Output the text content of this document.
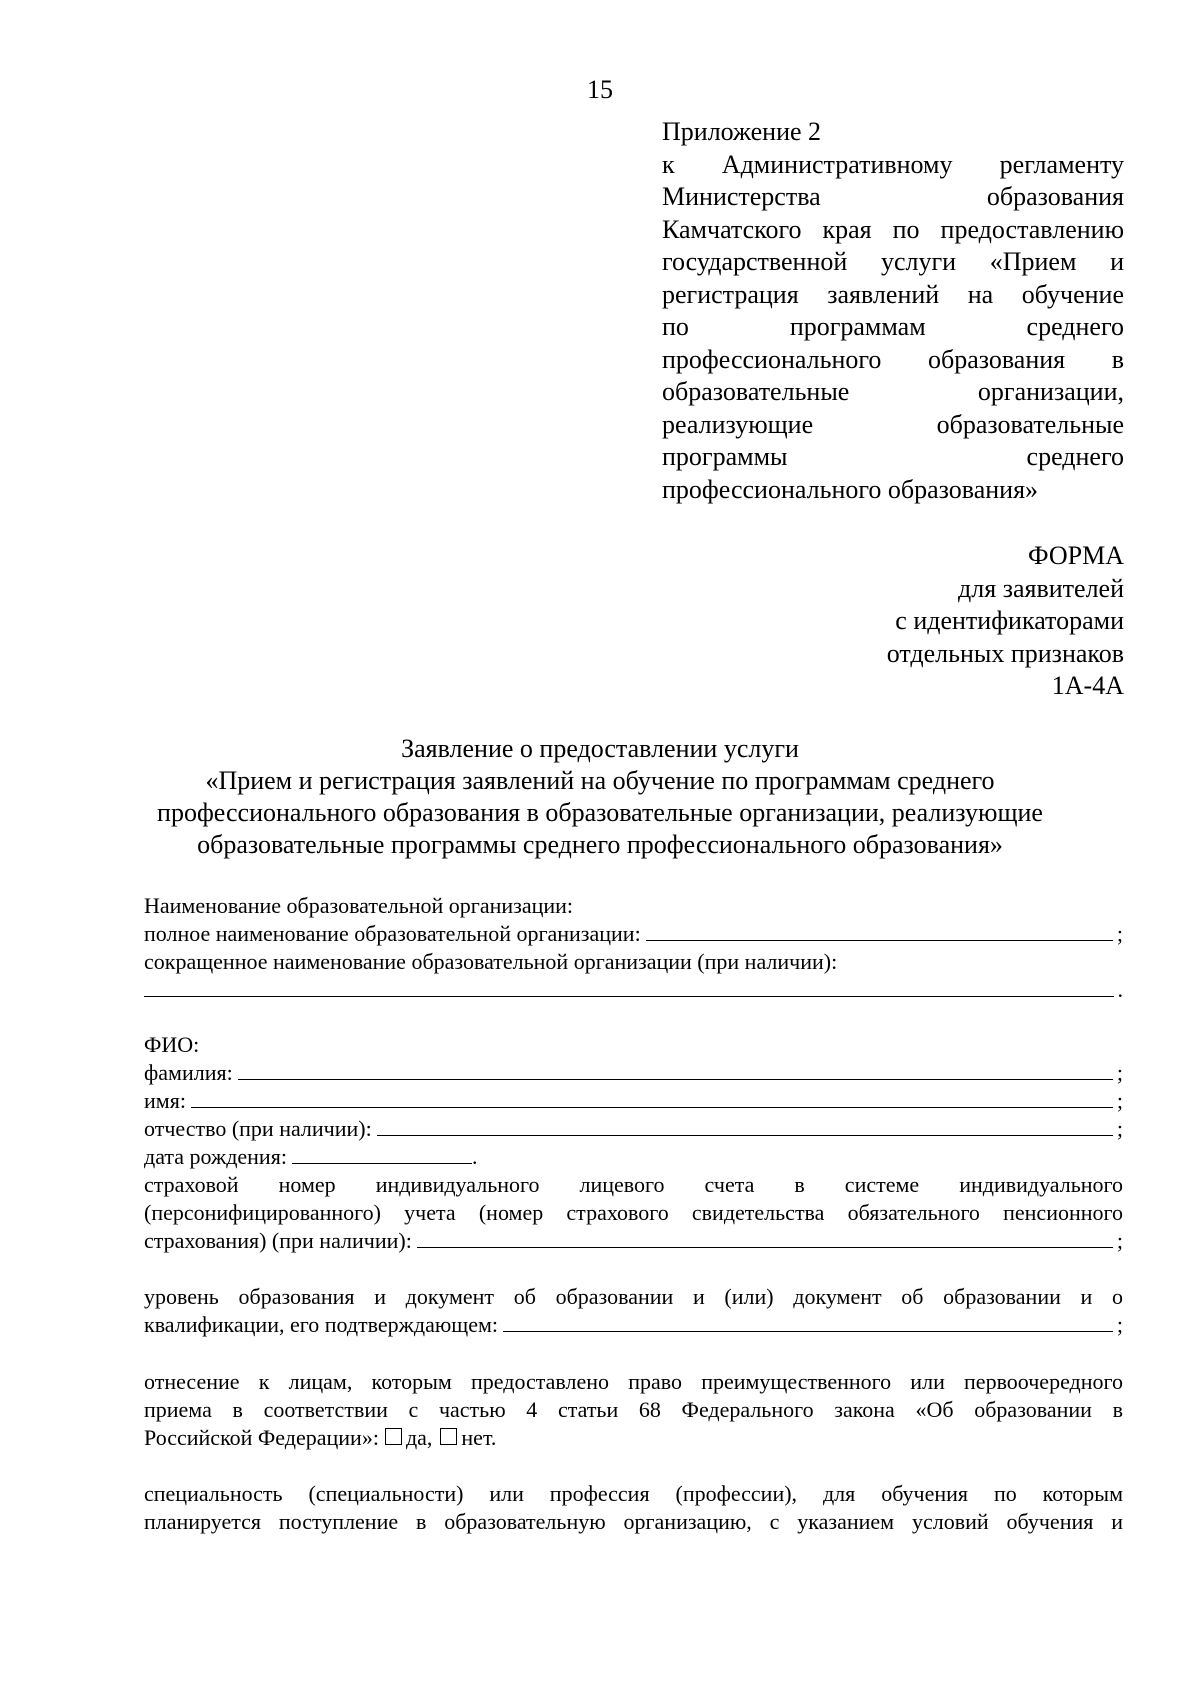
15
Приложение 2
к Административному регламенту
Министерства образования
Камчатского края по предоставлению
государственной услуги «Прием и
регистрация заявлений на обучение
по программам среднего
профессионального образования в
образовательные организации,
реализующие образовательные
программы среднего
профессионального образования»
ФОРМА
для заявителей
с идентификаторами
отдельных признаков
1А-4А
Заявление о предоставлении услуги
«Прием и регистрация заявлений на обучение по программам среднего
профессионального образования в образовательные организации, реализующие
образовательные программы среднего профессионального образования»
Наименование образовательной организации:
полное наименование образовательной организации:	;
сокращенное наименование образовательной организации (при наличии):
.
ФИО:
фамилия:	;
имя:	;
отчество (при наличии):	;
дата рождения:	.
страховой номер индивидуального лицевого счета в системе индивидуального
(персонифицированного) учета (номер страхового свидетельства обязательного пенсионного
страхования) (при наличии):	;
уровень образования и документ об образовании и (или) документ об образовании и о
квалификации, его подтверждающем:	;
отнесение к лицам, которым предоставлено право преимущественного или первоочередного
приема в соответствии с частью 4 статьи 68 Федерального закона «Об образовании в
Российской Федерации»: да, нет.
специальность (специальности) или профессия (профессии), для обучения по которым
планируется поступление в образовательную организацию, с указанием условий обучения и
